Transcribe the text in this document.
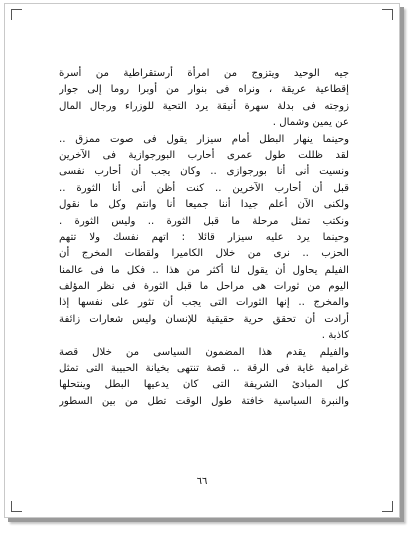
جيه الوحيد ويتزوج من امرأة أرستقراطية من أسرة
إقطاعية عريقة ، ونراه فى بنوار من أوبرا روما إلى جوار
زوجته فى بدلة سهرة أنيقة يرد التحية للوزراء ورجال المال
عن يمين وشمال .
وحينما ينهار البطل أمام سيزار يقول فى صوت ممزق ..
لقد ظللت طول عمرى أحارب البورجوازية فى الآخرين
ونسيت أنى أنا بورجوازى .. وكان يجب أن أحارب نفسى
قبل أن أحارب الآخرين .. كنت أظن أنى أنا الثورة ..
ولكنى الآن أعلم جيدا أننا جميعا أنا وانتم وكل ما نقول
ونكتب تمثل مرحلة ما قبل الثورة .. وليس الثورة .
وحينما يرد عليه سيزار قائلا : اتهم نفسك ولا تتهم
الحزب .. نرى من خلال الكاميرا ولقطات المخرج أن
الفيلم يحاول أن يقول لنا أكثر من هذا .. فكل ما فى عالمنا
اليوم من ثورات هى مراحل ما قبل الثورة فى نظر المؤلف
والمخرج .. إنها الثورات التى يجب أن تثور على نفسها إذا
أرادت أن تحقق حرية حقيقية للإنسان وليس شعارات زائفة
كاذبة .
والفيلم يقدم هذا المضمون السياسى من خلال قصة
غرامية غاية فى الرقة .. قصة تنتهى بخيانة الحبيبة التى تمثل
كل المبادئ الشريفة التى كان يدعيها البطل وينتحلها
والنبرة السياسية خافتة طول الوقت تطل من بين السطور
٦٦
